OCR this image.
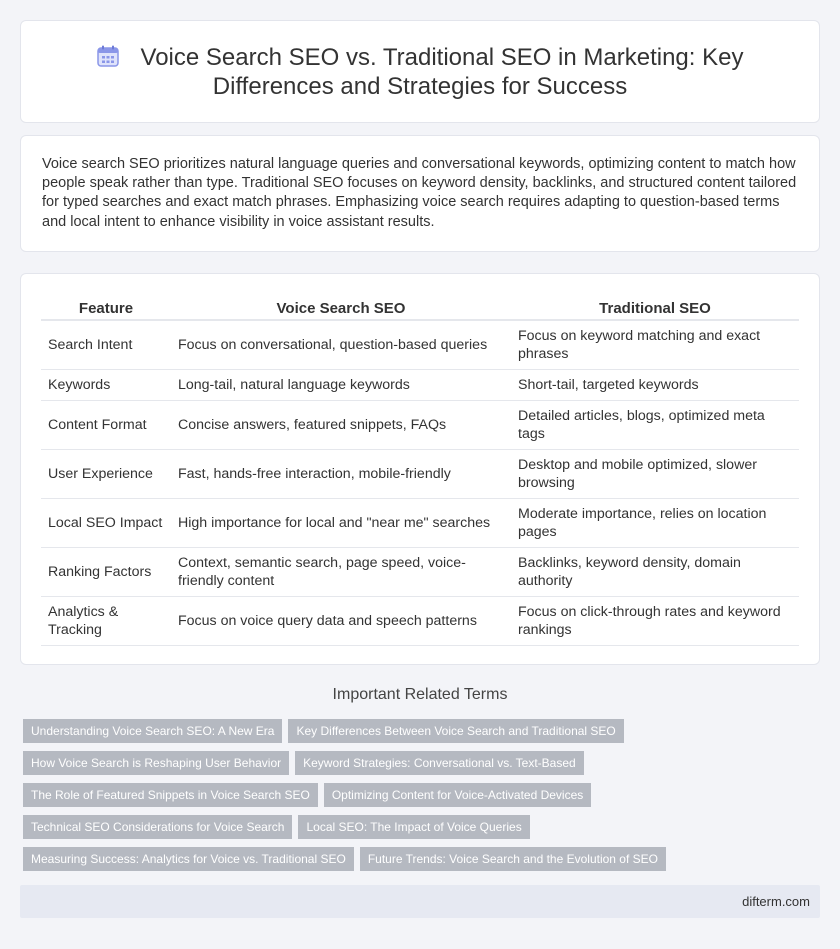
Voice Search SEO vs. Traditional SEO in Marketing: Key Differences and Strategies for Success

Voice search SEO prioritizes natural language queries and conversational keywords, optimizing content to match how people speak rather than type. Traditional SEO focuses on keyword density, backlinks, and structured content tailored for typed searches and exact match phrases. Emphasizing voice search requires adapting to question-based terms and local intent to enhance visibility in voice assistant results.

Feature	Voice Search SEO	Traditional SEO
Search Intent	Focus on conversational, question-based queries	Focus on keyword matching and exact phrases
Keywords	Long-tail, natural language keywords	Short-tail, targeted keywords
Content Format	Concise answers, featured snippets, FAQs	Detailed articles, blogs, optimized meta tags
User Experience	Fast, hands-free interaction, mobile-friendly	Desktop and mobile optimized, slower browsing
Local SEO Impact	High importance for local and "near me" searches	Moderate importance, relies on location pages
Ranking Factors	Context, semantic search, page speed, voice-friendly content	Backlinks, keyword density, domain authority
Analytics & Tracking	Focus on voice query data and speech patterns	Focus on click-through rates and keyword rankings
Important Related Terms
Understanding Voice Search SEO: A New Era Key Differences Between Voice Search and Traditional SEO
How Voice Search is Reshaping User Behavior Keyword Strategies: Conversational vs. Text-Based
The Role of Featured Snippets in Voice Search SEO Optimizing Content for Voice-Activated Devices
Technical SEO Considerations for Voice Search Local SEO: The Impact of Voice Queries
Measuring Success: Analytics for Voice vs. Traditional SEO Future Trends: Voice Search and the Evolution of SEO
difterm.com
